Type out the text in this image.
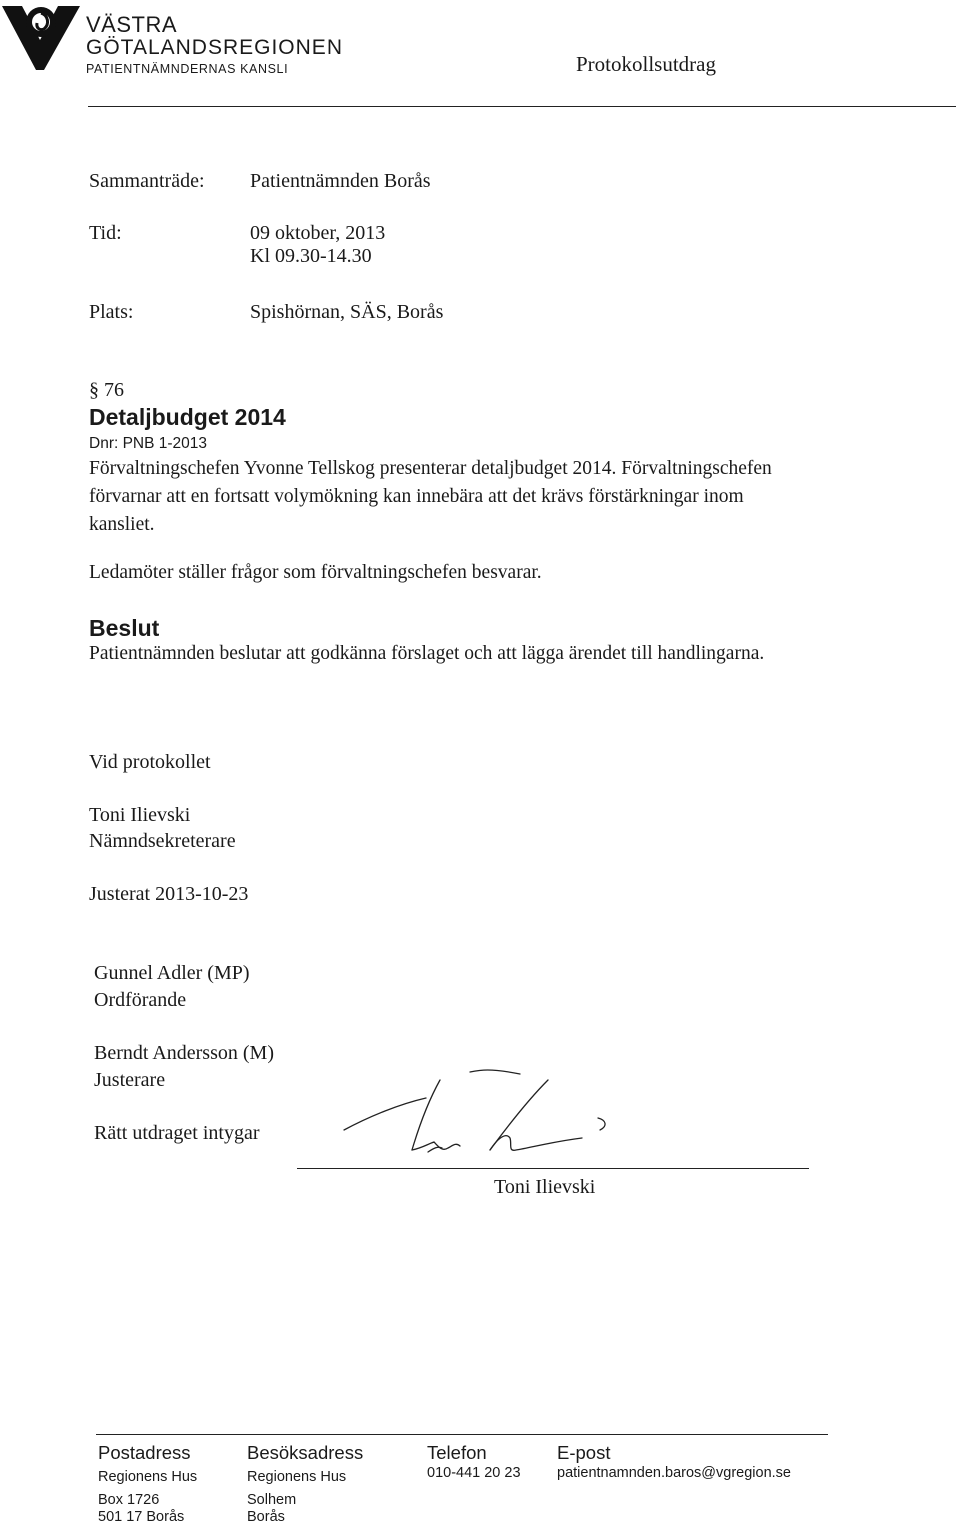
VÄSTRA
GÖTALANDSREGIONEN
PATIENTNÄMNDERNAS KANSLI	Protokollsutdrag
Sammanträde: Patientnämnden Borås
Tid:	09 oktober, 2013
Kl 09.30-14.30
Plats:	Spishörnan, SÄS, Borås
§ 76
Detaljbudget 2014
Dnr: PNB 1-2013
Förvaltningschefen Yvonne Tellskog presenterar detaljbudget 2014. Förvaltningschefen
förvarnar att en fortsatt volymökning kan innebära att det krävs förstärkningar inom
kansliet.
Ledamöter ställer frågor som förvaltningschefen besvarar.
Beslut
Patientnämnden beslutar att godkänna förslaget och att lägga ärendet till handlingarna.
Vid protokollet
Toni Ilievski
Nämndsekreterare
Justerat 2013-10-23
Gunnel Adler (MP)
Ordförande
Berndt Andersson (M)
Justerare
Rätt utdraget intygar
Toni Ilievski
Postadress
Regionens Hus
Box 1726
501 17 Borås
Besöksadress
Regionens Hus
Solhem
Borås
Telefon
010-441 20 23
E-post
patientnamnden.baros@vgregion.se
